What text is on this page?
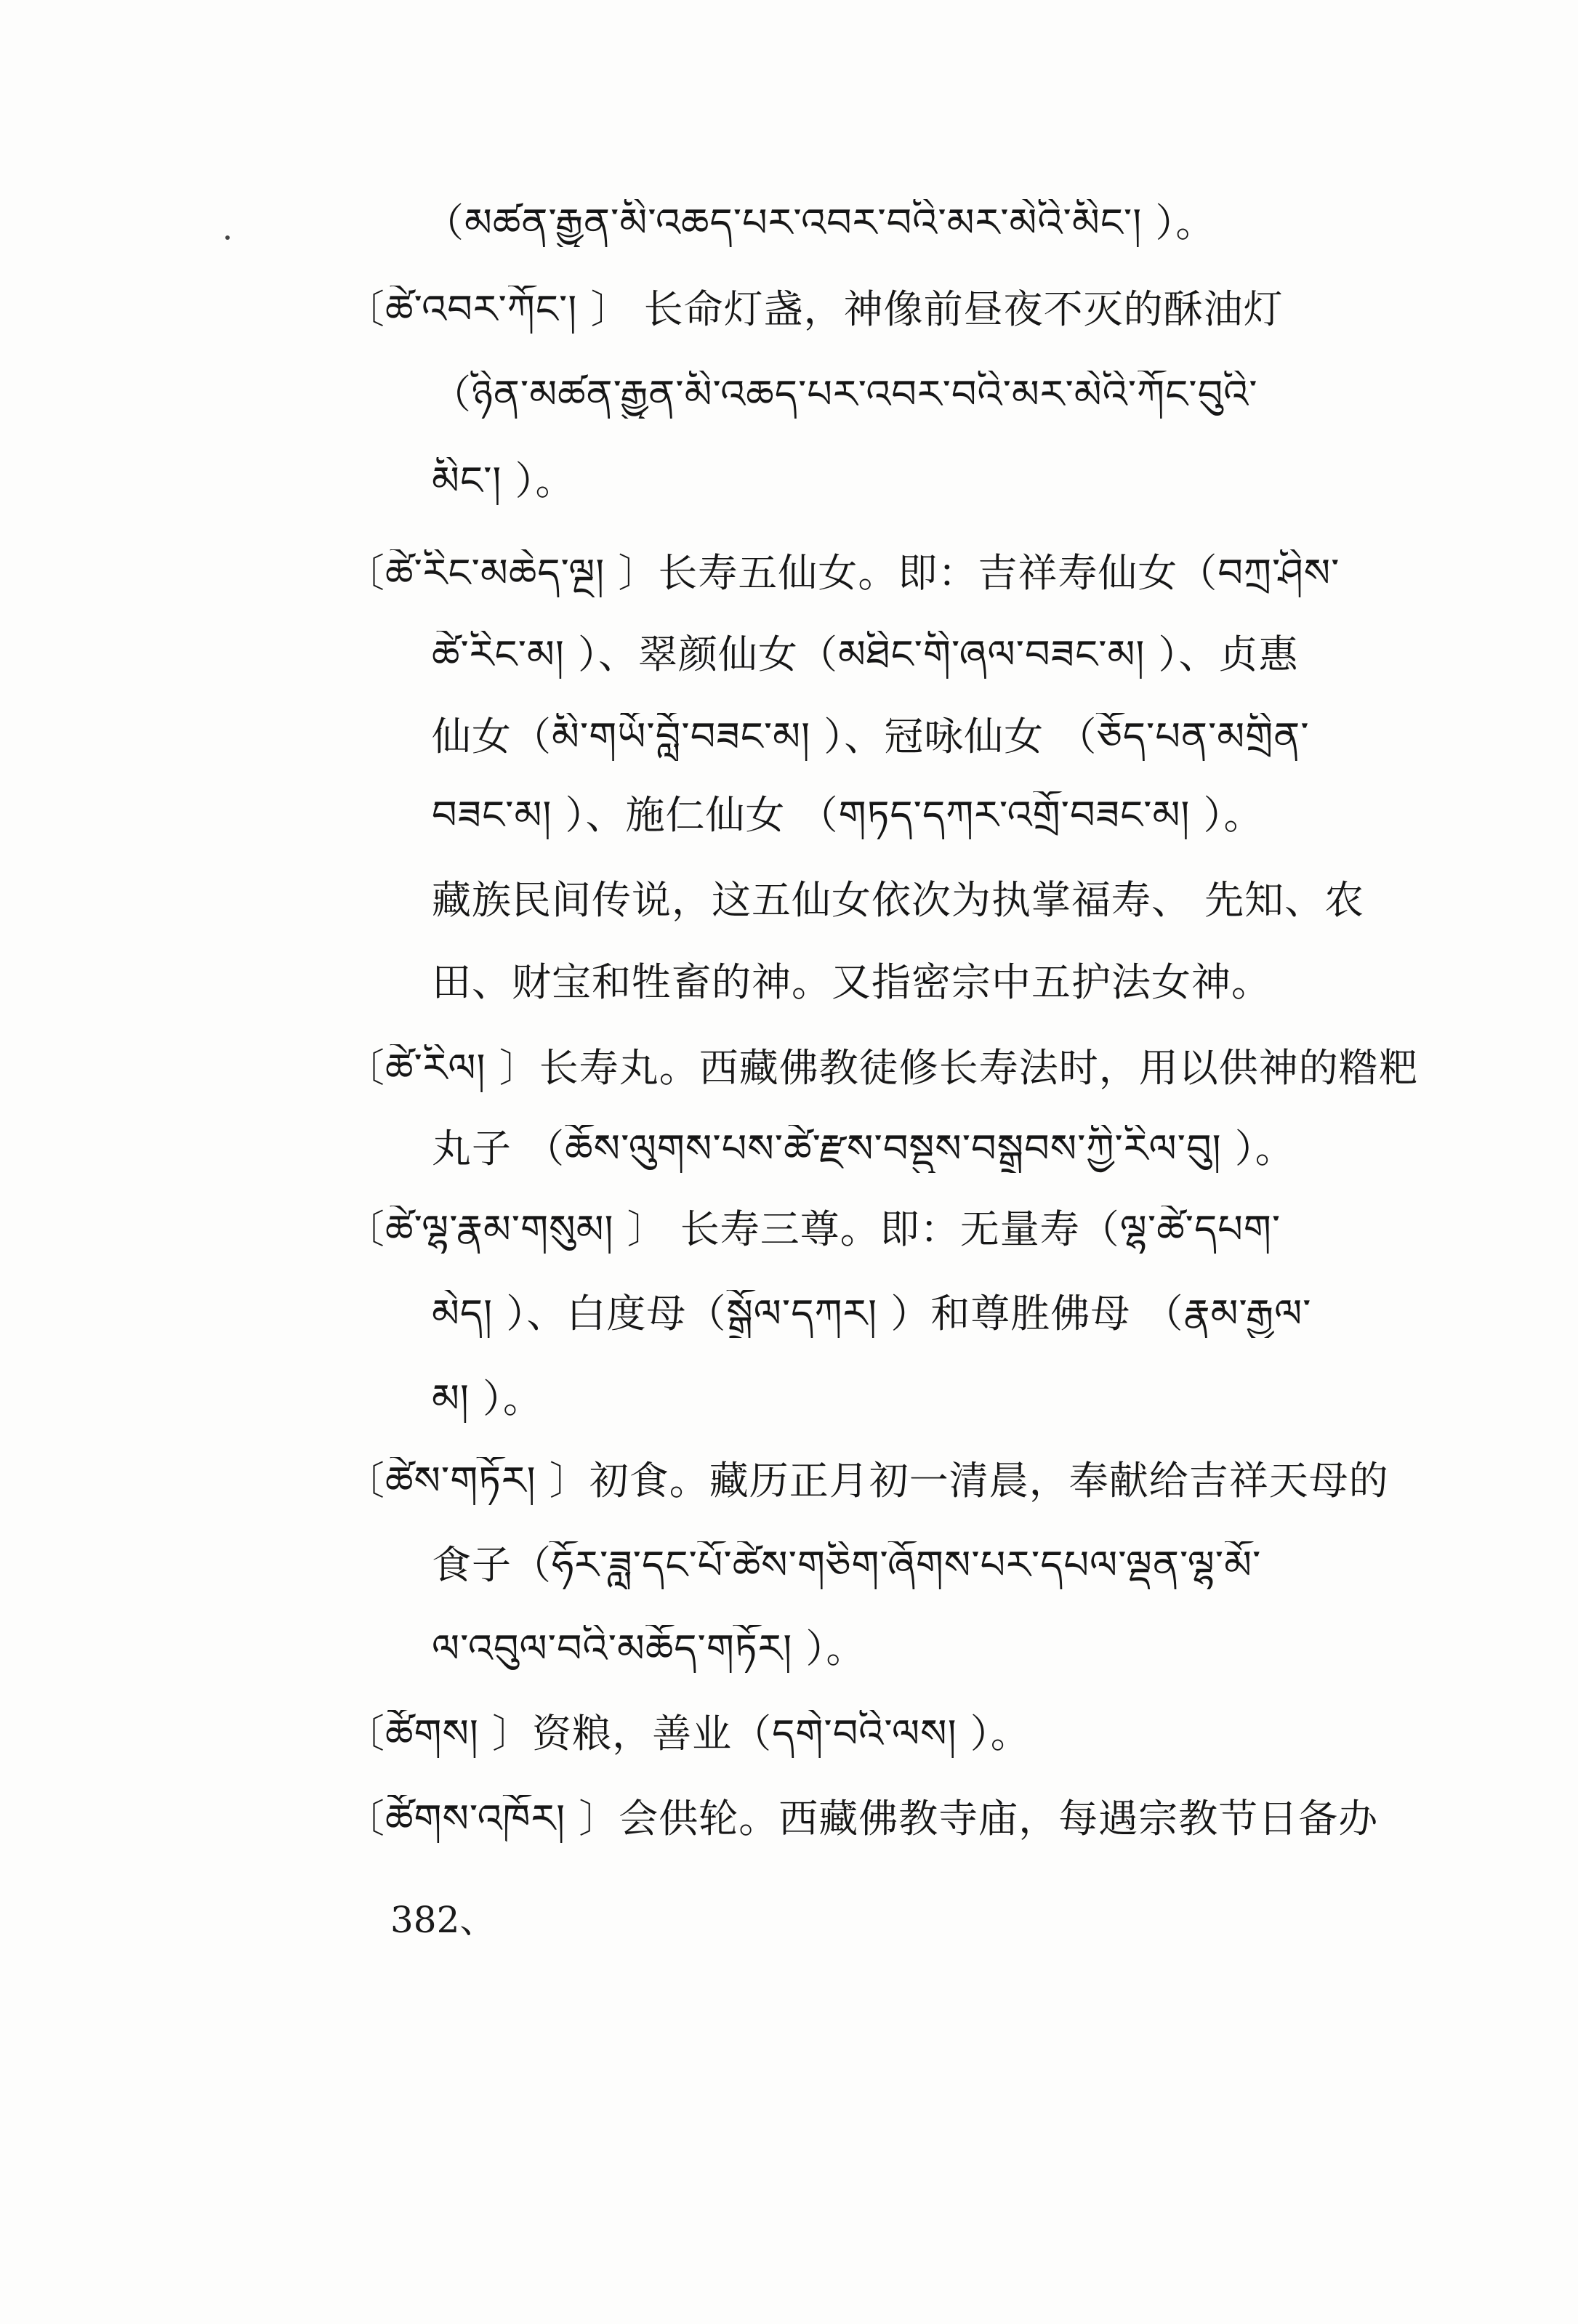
（མཚན་རྒྱུན་མི་འཆད་པར་འབར་བའི་མར་མེའི་མིང་། ）。
〔ཚེ་འབར་ཀོང་། 〕 长命灯盏，神像前昼夜不灭的酥油灯
（ཉིན་མཚན་རྒྱུན་མི་འཆད་པར་འབར་བའི་མར་མེའི་ཀོང་བུའི་
མིང་། ）。
〔ཚེ་རིང་མཆེད་ལྔ། 〕长寿五仙女。即：吉祥寿仙女（བཀྲ་ཤིས་
ཚེ་རིང་མ། ）、翠颜仙女（མཐིང་གི་ཞལ་བཟང་མ། ）、贞惠
仙女（མི་གཡོ་བློ་བཟང་མ། ）、冠咏仙女 （ཅོད་པན་མགྲིན་
བཟང་མ། ）、施仁仙女 （གཏད་དཀར་འགྲོ་བཟང་མ། ）。
藏族民间传说，这五仙女依次为执掌福寿、 先知、农
田、财宝和牲畜的神。又指密宗中五护法女神。
〔ཚེ་རིལ། 〕长寿丸。西藏佛教徒修长寿法时，用以供神的糌粑
丸子 （ཆོས་ལུགས་པས་ཚེ་རྫས་བསྡུས་བསྒྲུབས་ཀྱི་རིལ་བུ། ）。
〔ཚེ་ལྷ་རྣམ་གསུམ། 〕 长寿三尊。即：无量寿（ལྷ་ཚེ་དཔག་
མེད། ）、白度母（སྒྲོལ་དཀར། ）和尊胜佛母 （རྣམ་རྒྱལ་
མ། ）。
〔ཚེས་གཏོར། 〕初食。藏历正月初一清晨，奉献给吉祥天母的
食子（ཧོར་ཟླ་དང་པོ་ཚེས་གཅིག་ཞོགས་པར་དཔལ་ལྡན་ལྷ་མོ་
ལ་འབུལ་བའི་མཆོད་གཏོར། ）。
〔ཚོགས། 〕资粮，善业（དགེ་བའི་ལས། ）。
〔ཚོགས་འཁོར། 〕会供轮。西藏佛教寺庙，每遇宗教节日备办
382、
